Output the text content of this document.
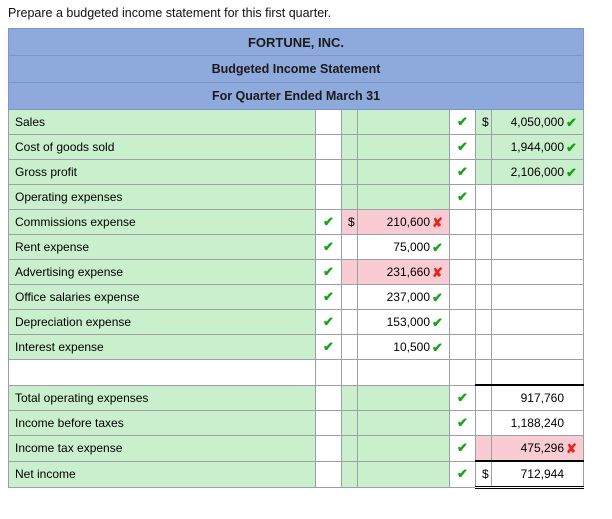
Prepare a budgeted income statement for this first quarter.
FORTUNE, INC.						
Budgeted Income Statement						
For Quarter Ended March 31						
Sales				✔	$	4,050,000 ✔

Cost of goods sold				✔		1,944,000 ✔

Gross profit				✔		2,106,000 ✔

Operating expenses				✔		

Commissions expense	✔	$	210,600 ✘			

Rent expense	✔		75,000 ✔			

Advertising expense	✔		231,660 ✘			

Office salaries expense	✔		237,000 ✔			

Depreciation expense	✔		153,000 ✔			

Interest expense	✔		10,500 ✔			

Total operating expenses				✔		917,760

Income before taxes				✔		1,188,240

Income tax expense				✔		475,296 ✘

Net income				✔	$	712,944
